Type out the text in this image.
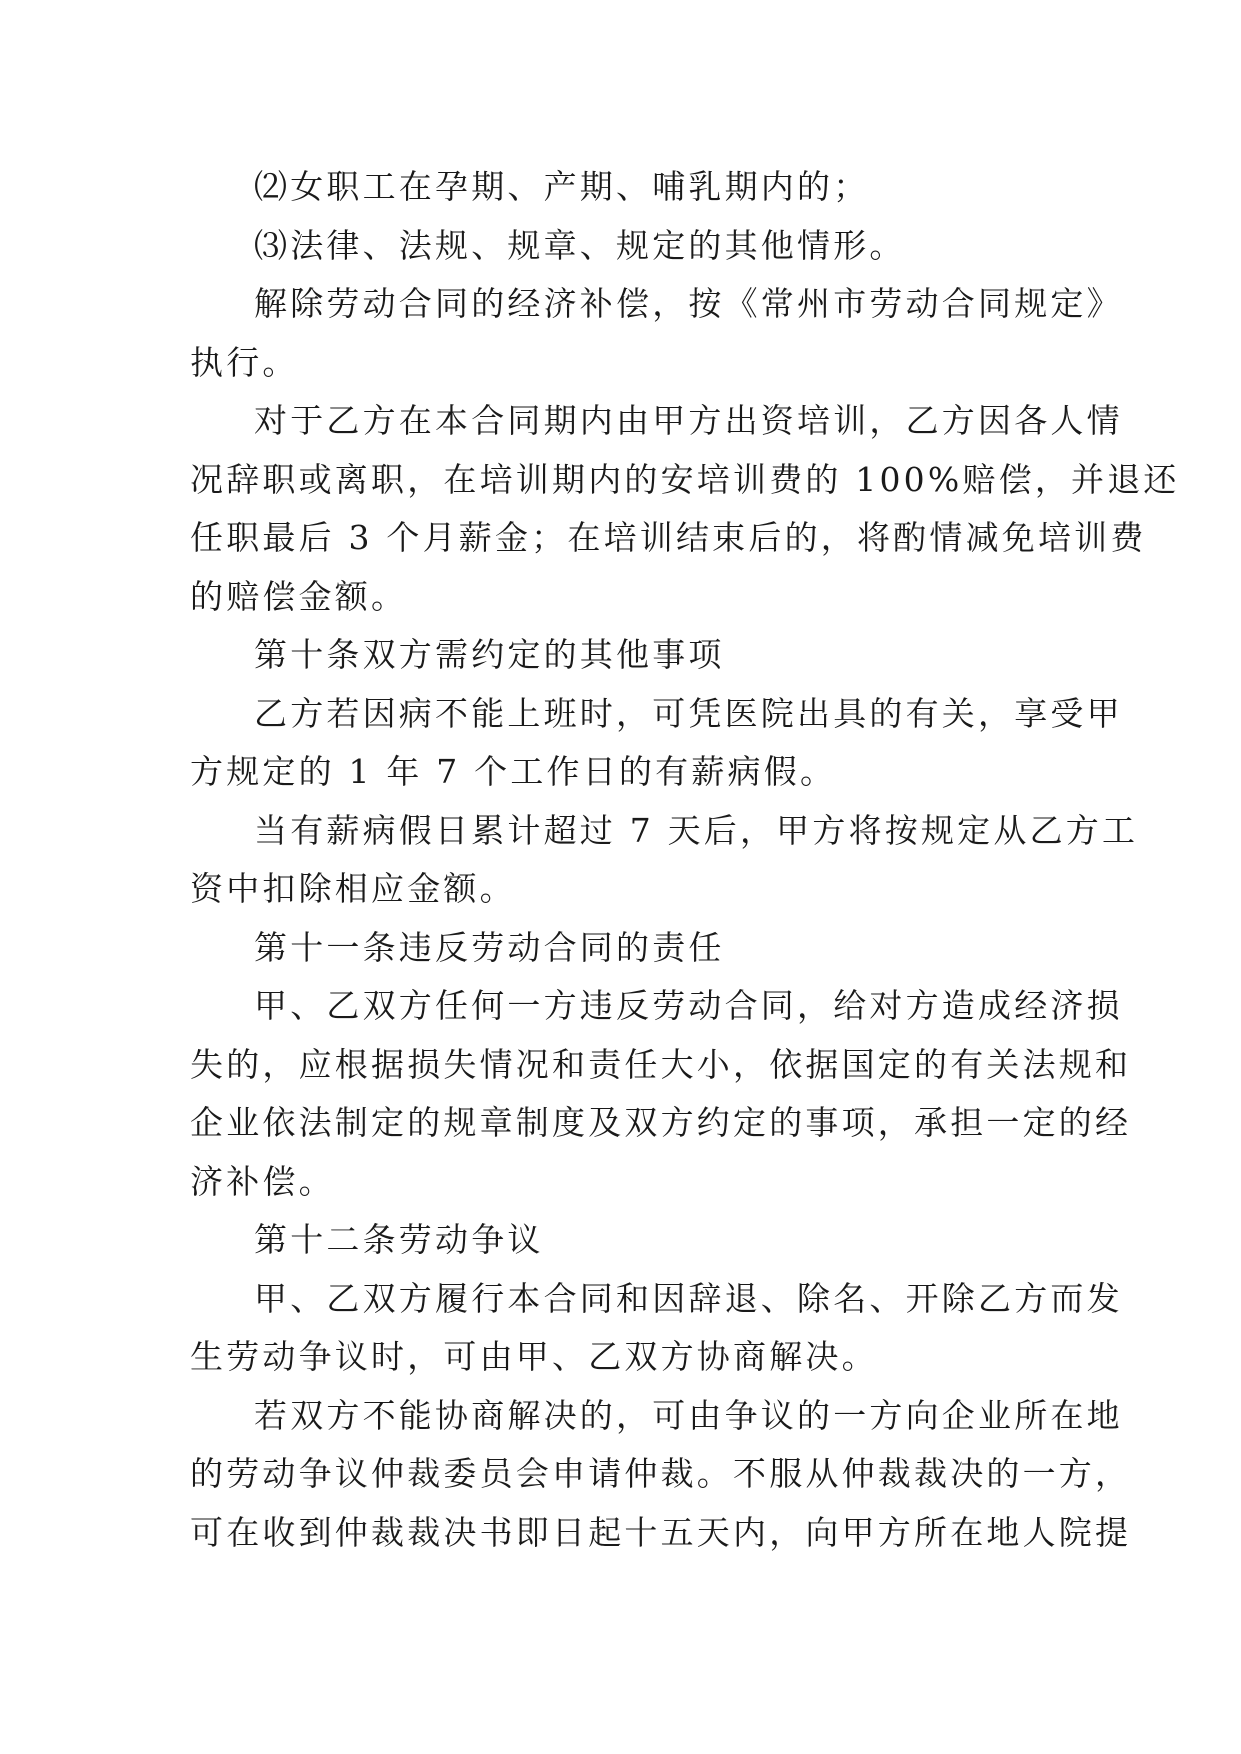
⑵女职工在孕期、产期、哺乳期内的；
⑶法律、法规、规章、规定的其他情形。
解除劳动合同的经济补偿，按《常州市劳动合同规定》
执行。
对于乙方在本合同期内由甲方出资培训，乙方因各人情
况辞职或离职，在培训期内的安培训费的 100%赔偿，并退还
任职最后 3 个月薪金；在培训结束后的，将酌情减免培训费
的赔偿金额。
第十条双方需约定的其他事项
乙方若因病不能上班时，可凭医院出具的有关，享受甲
方规定的 1 年 7 个工作日的有薪病假。
当有薪病假日累计超过 7 天后，甲方将按规定从乙方工
资中扣除相应金额。
第十一条违反劳动合同的责任
甲、乙双方任何一方违反劳动合同，给对方造成经济损
失的，应根据损失情况和责任大小，依据国定的有关法规和
企业依法制定的规章制度及双方约定的事项，承担一定的经
济补偿。
第十二条劳动争议
甲、乙双方履行本合同和因辞退、除名、开除乙方而发
生劳动争议时，可由甲、乙双方协商解决。
若双方不能协商解决的，可由争议的一方向企业所在地
的劳动争议仲裁委员会申请仲裁。不服从仲裁裁决的一方，
可在收到仲裁裁决书即日起十五天内，向甲方所在地人院提
